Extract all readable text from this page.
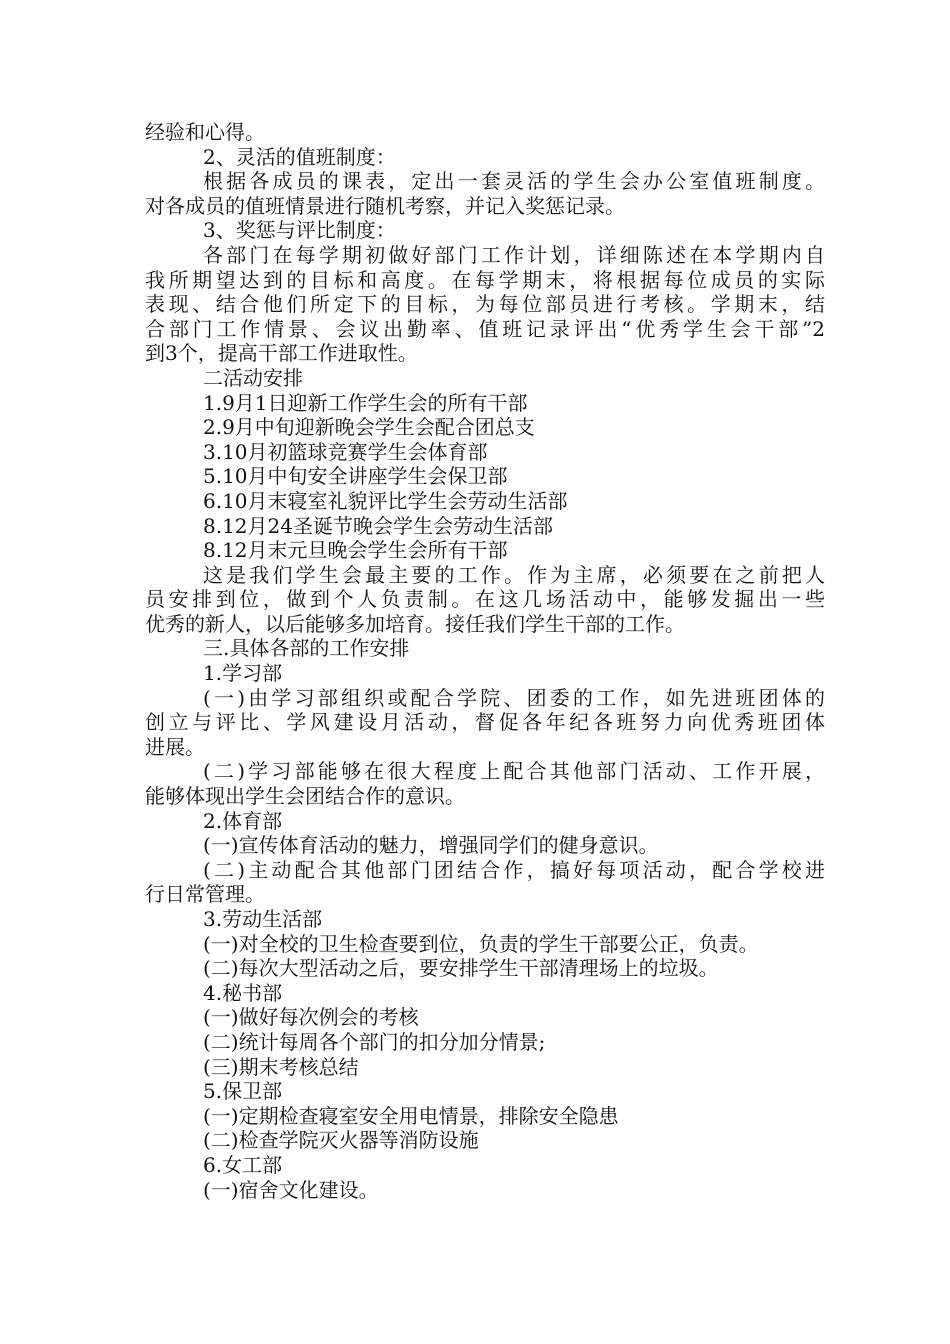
经验和心得。
2、灵活的值班制度：
根据各成员的课表，定出一套灵活的学生会办公室值班制度。
对各成员的值班情景进行随机考察，并记入奖惩记录。
3、奖惩与评比制度：
各部门在每学期初做好部门工作计划，详细陈述在本学期内自
我所期望达到的目标和高度。在每学期末，将根据每位成员的实际
表现、结合他们所定下的目标，为每位部员进行考核。学期末，结
合部门工作情景、会议出勤率、值班记录评出“优秀学生会干部”2
到3个，提高干部工作进取性。
二活动安排
1.9月1日迎新工作学生会的所有干部
2.9月中旬迎新晚会学生会配合团总支
3.10月初篮球竞赛学生会体育部
5.10月中旬安全讲座学生会保卫部
6.10月末寝室礼貌评比学生会劳动生活部
8.12月24圣诞节晚会学生会劳动生活部
8.12月末元旦晚会学生会所有干部
这是我们学生会最主要的工作。作为主席，必须要在之前把人
员安排到位，做到个人负责制。在这几场活动中，能够发掘出一些
优秀的新人，以后能够多加培育。接任我们学生干部的工作。
三.具体各部的工作安排
1.学习部
(一)由学习部组织或配合学院、团委的工作，如先进班团体的
创立与评比、学风建设月活动，督促各年纪各班努力向优秀班团体
进展。
(二)学习部能够在很大程度上配合其他部门活动、工作开展，
能够体现出学生会团结合作的意识。
2.体育部
(一)宣传体育活动的魅力，增强同学们的健身意识。
(二)主动配合其他部门团结合作，搞好每项活动，配合学校进
行日常管理。
3.劳动生活部
(一)对全校的卫生检查要到位，负责的学生干部要公正，负责。
(二)每次大型活动之后，要安排学生干部清理场上的垃圾。
4.秘书部
(一)做好每次例会的考核
(二)统计每周各个部门的扣分加分情景;
(三)期末考核总结
5.保卫部
(一)定期检查寝室安全用电情景，排除安全隐患
(二)检查学院灭火器等消防设施
6.女工部
(一)宿舍文化建设。
